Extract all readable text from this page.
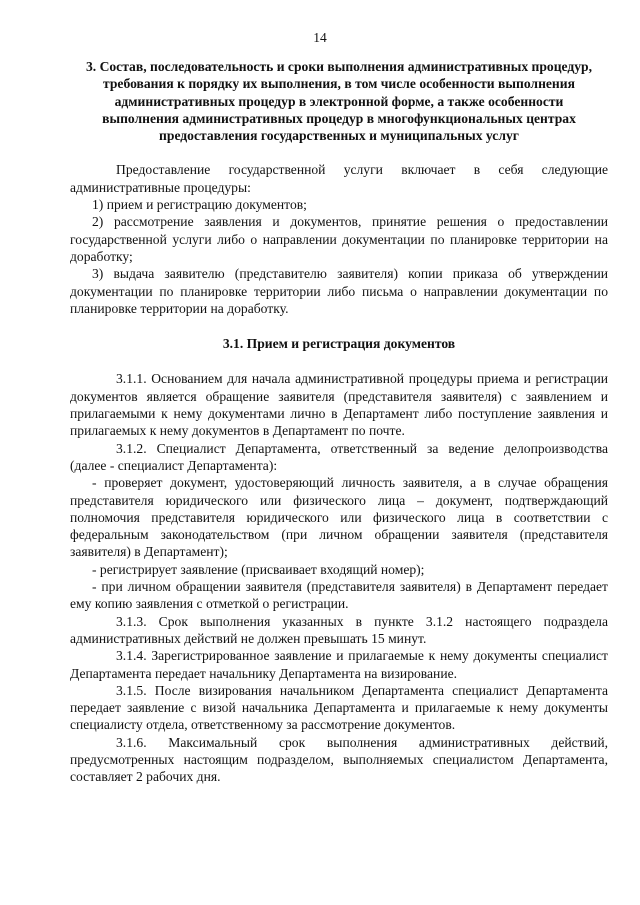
14
3. Состав, последовательность и сроки выполнения административных процедур, требования к порядку их выполнения, в том числе особенности выполнения административных процедур в электронной форме, а также особенности выполнения административных процедур в многофункциональных центрах предоставления государственных и муниципальных услуг

Предоставление государственной услуги включает в себя следующие административные процедуры:

1) прием и регистрацию документов;

2) рассмотрение заявления и документов, принятие решения о предоставлении государственной услуги либо о направлении документации по планировке территории на доработку;

3) выдача заявителю (представителю заявителя) копии приказа об утверждении документации по планировке территории либо письма о направлении документации по планировке территории на доработку.

3.1. Прием и регистрация документов

3.1.1. Основанием для начала административной процедуры приема и регистрации документов является обращение заявителя (представителя заявителя) с заявлением и прилагаемыми к нему документами лично в Департамент либо поступление заявления и прилагаемых к нему документов в Департамент по почте.

3.1.2. Специалист Департамента, ответственный за ведение делопроизводства (далее - специалист Департамента):

- проверяет документ, удостоверяющий личность заявителя, а в случае обращения представителя юридического или физического лица – документ, подтверждающий полномочия представителя юридического или физического лица в соответствии с федеральным законодательством (при личном обращении заявителя (представителя заявителя) в Департамент);

- регистрирует заявление (присваивает входящий номер);

- при личном обращении заявителя (представителя заявителя) в Департамент передает ему копию заявления с отметкой о регистрации.

3.1.3. Срок выполнения указанных в пункте 3.1.2 настоящего подраздела административных действий не должен превышать 15 минут.

3.1.4. Зарегистрированное заявление и прилагаемые к нему документы специалист Департамента передает начальнику Департамента на визирование.

3.1.5. После визирования начальником Департамента специалист Департамента передает заявление с визой начальника Департамента и прилагаемые к нему документы специалисту отдела, ответственному за рассмотрение документов.

3.1.6. Максимальный срок выполнения административных действий, предусмотренных настоящим подразделом, выполняемых специалистом Департамента, составляет 2 рабочих дня.
